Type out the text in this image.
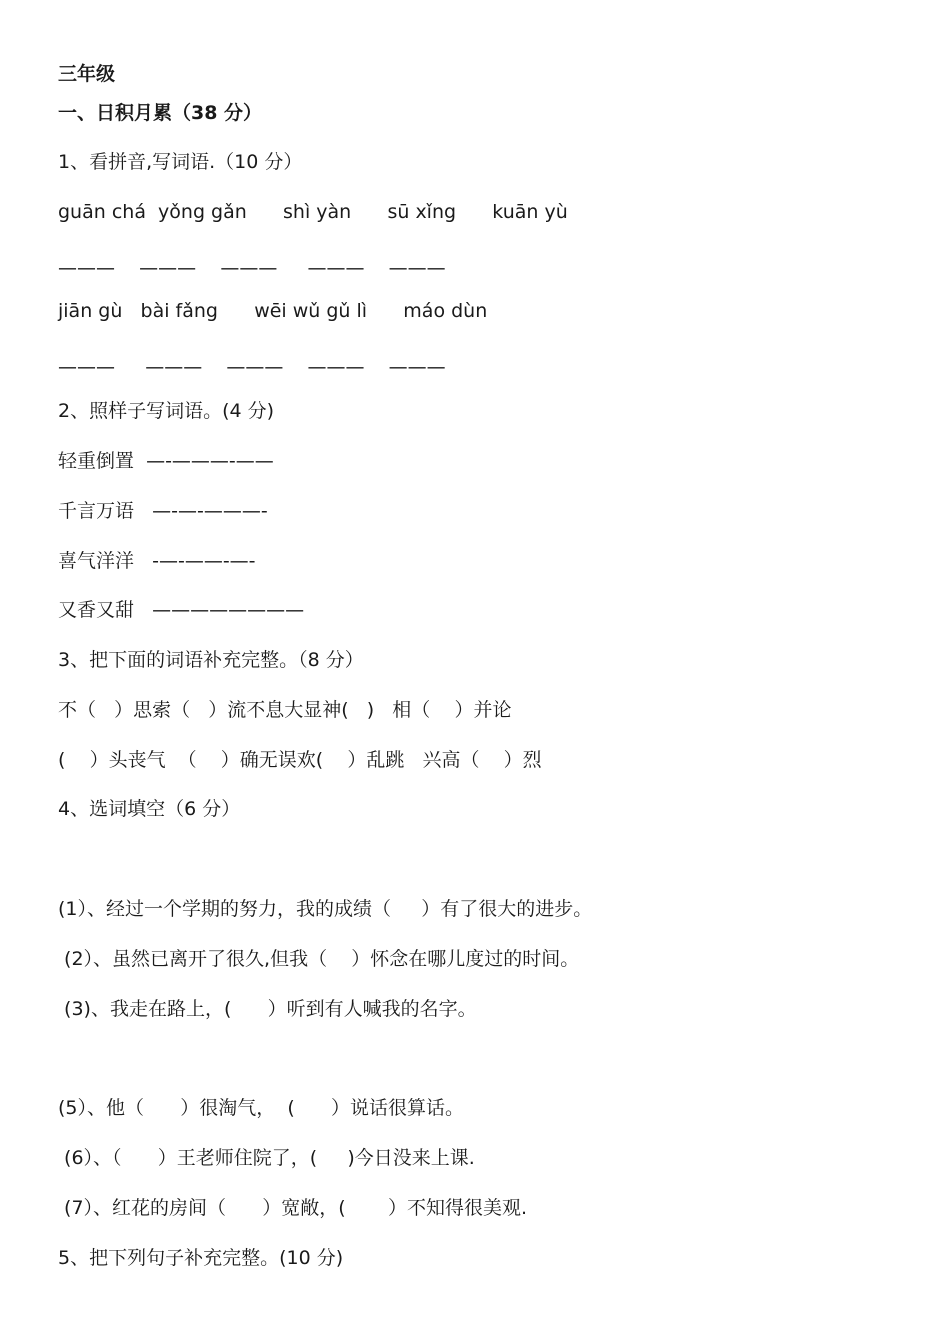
三年级
一、日积月累（38 分）
1、看拼音,写词语.（10 分）
guān chá  yǒng gǎn      shì yàn      sū xǐng      kuān yù
———    ———    ———     ———    ———
jiān gù   bài fǎng      wēi wǔ gǔ lì      máo dùn
———     ———    ———    ———    ———
2、照样子写词语。(4 分)
轻重倒置  —-———-——
千言万语   —-—-———-
喜气洋洋   -—-——-—-
又香又甜   ————————
3、把下面的词语补充完整。（8 分）
不（   ）思索（   ）流不息大显神(   )   相（    ）并论
(    ）头丧气  （    ）确无误欢(    ）乱跳   兴高（    ）烈
4、选词填空（6 分）
(1）、经过一个学期的努力，我的成绩（     ）有了很大的进步。
(2）、虽然已离开了很久,但我（    ）怀念在哪儿度过的时间。
(3)、我走在路上，(      ）听到有人喊我的名字。
(5）、他（      ）很淘气，  (      ）说话很算话。
(6）、（      ）王老师住院了，(     )今日没来上课.
(7）、红花的房间（      ）宽敞，(       ）不知得很美观.
5、把下列句子补充完整。(10 分)
